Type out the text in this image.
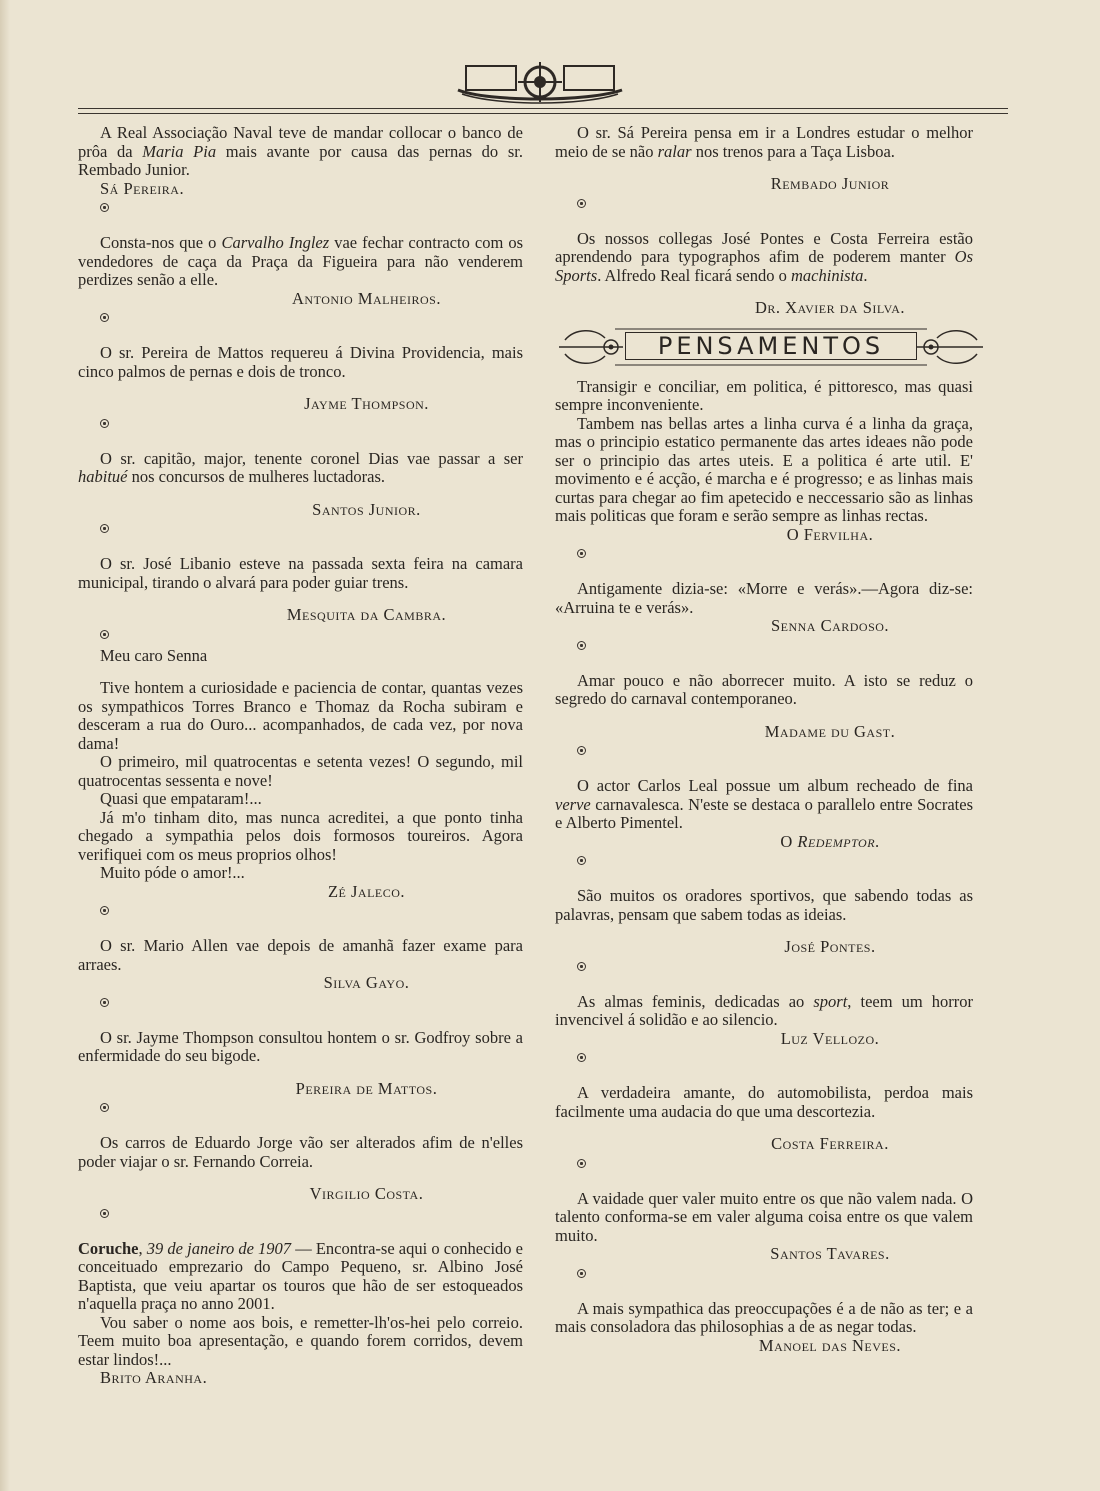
A Real Associação Naval teve de mandar collocar o banco de prôa da Maria Pia mais avante por causa das pernas do sr. Rembado Junior.

Sá Pereira.

Consta-nos que o Carvalho Inglez vae fechar contracto com os vendedores de caça da Praça da Figueira para não venderem perdizes senão a elle.

Antonio Malheiros.

O sr. Pereira de Mattos requereu á Divina Providencia, mais cinco palmos de pernas e dois de tronco.

Jayme Thompson.

O sr. capitão, major, tenente coronel Dias vae passar a ser habitué nos concursos de mulheres luctadoras.

Santos Junior.

O sr. José Libanio esteve na passada sexta feira na camara municipal, tirando o alvará para poder guiar trens.

Mesquita da Cambra.

Meu caro Senna

Tive hontem a curiosidade e paciencia de contar, quantas vezes os sympathicos Torres Branco e Thomaz da Rocha subiram e desceram a rua do Ouro... acompanhados, de cada vez, por nova dama!

O primeiro, mil quatrocentas e setenta vezes! O segundo, mil quatrocentas sessenta e nove!

Quasi que empataram!...

Já m'o tinham dito, mas nunca acreditei, a que ponto tinha chegado a sympathia pelos dois formosos toureiros. Agora verifiquei com os meus proprios olhos!

Muito póde o amor!...

Zé Jaleco.

O sr. Mario Allen vae depois de amanhã fazer exame para arraes.

Silva Gayo.

O sr. Jayme Thompson consultou hontem o sr. Godfroy sobre a enfermidade do seu bigode.

Pereira de Mattos.

Os carros de Eduardo Jorge vão ser alterados afim de n'elles poder viajar o sr. Fernando Correia.

Virgilio Costa.

Coruche, 39 de janeiro de 1907 — Encontra-se aqui o conhecido e conceituado emprezario do Campo Pequeno, sr. Albino José Baptista, que veiu apartar os touros que hão de ser estoqueados n'aquella praça no anno 2001.

Vou saber o nome aos bois, e remetter-lh'os-hei pelo correio. Teem muito boa apresentação, e quando forem corridos, devem estar lindos!...

Brito Aranha.

O sr. Sá Pereira pensa em ir a Londres estudar o melhor meio de se não ralar nos trenos para a Taça Lisboa.

Rembado Junior

Os nossos collegas José Pontes e Costa Ferreira estão aprendendo para typographos afim de poderem manter Os Sports. Alfredo Real ficará sendo o machinista.

Dr. Xavier da Silva.

PENSAMENTOS

Transigir e conciliar, em politica, é pittoresco, mas quasi sempre inconveniente.

Tambem nas bellas artes a linha curva é a linha da graça, mas o principio estatico permanente das artes ideaes não pode ser o principio das artes uteis. E a politica é arte util. E' movimento e é acção, é marcha e é progresso; e as linhas mais curtas para chegar ao fim apetecido e neccessario são as linhas mais politicas que foram e serão sempre as linhas rectas.

O Fervilha.

Antigamente dizia-se: «Morre e verás».—Agora diz-se: «Arruina te e verás».

Senna Cardoso.

Amar pouco e não aborrecer muito. A isto se reduz o segredo do carnaval contemporaneo.

Madame du Gast.

O actor Carlos Leal possue um album recheado de fina verve carnavalesca. N'este se destaca o parallelo entre Socrates e Alberto Pimentel.

O Redemptor.

São muitos os oradores sportivos, que sabendo todas as palavras, pensam que sabem todas as ideias.

José Pontes.

As almas feminis, dedicadas ao sport, teem um horror invencivel á solidão e ao silencio.

Luz Vellozo.

A verdadeira amante, do automobilista, perdoa mais facilmente uma audacia do que uma descortezia.

Costa Ferreira.

A vaidade quer valer muito entre os que não valem nada. O talento conforma-se em valer alguma coisa entre os que valem muito.

Santos Tavares.

A mais sympathica das preoccupações é a de não as ter; e a mais consoladora das philosophias a de as negar todas.

Manoel das Neves.
